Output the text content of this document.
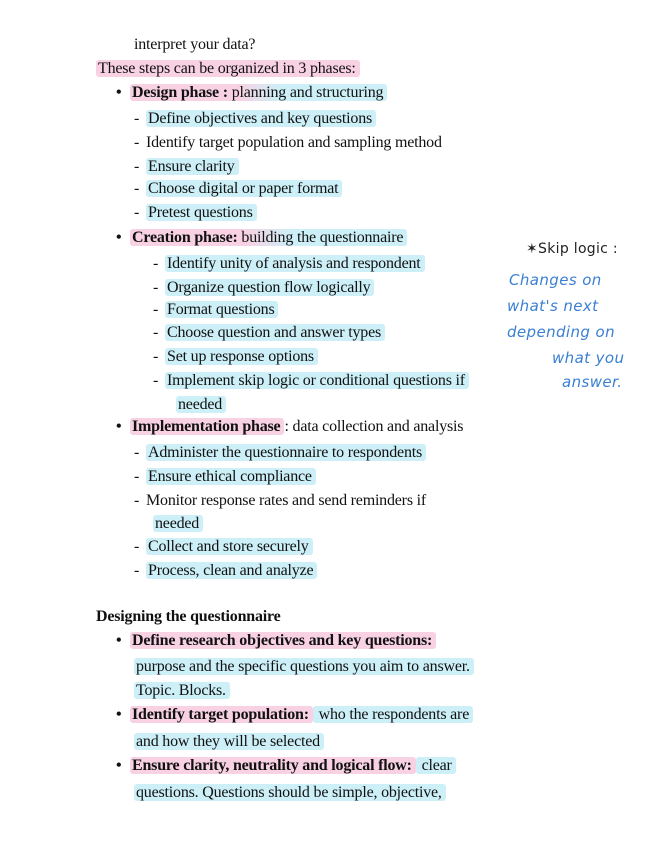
interpret your data?
These steps can be organized in 3 phases:
• Design phase : planning and structuring
- Define objectives and key questions
- Identify target population and sampling method
- Ensure clarity
- Choose digital or paper format
- Pretest questions
• Creation phase: building the questionnaire
- Identify unity of analysis and respondent
- Organize question flow logically
- Format questions
- Choose question and answer types
- Set up response options
- Implement skip logic or conditional questions if
needed
• Implementation phase : data collection and analysis
- Administer the questionnaire to respondents
- Ensure ethical compliance
- Monitor response rates and send reminders if
needed
- Collect and store securely
- Process, clean and analyze
Designing the questionnaire
• Define research objectives and key questions:
purpose and the specific questions you aim to answer.
Topic. Blocks.
• Identify target population: who the respondents are
and how they will be selected
• Ensure clarity, neutrality and logical flow: clear
questions. Questions should be simple, objective,
✶Skip logic :
Changes on
what's next
depending on
what you
answer.
